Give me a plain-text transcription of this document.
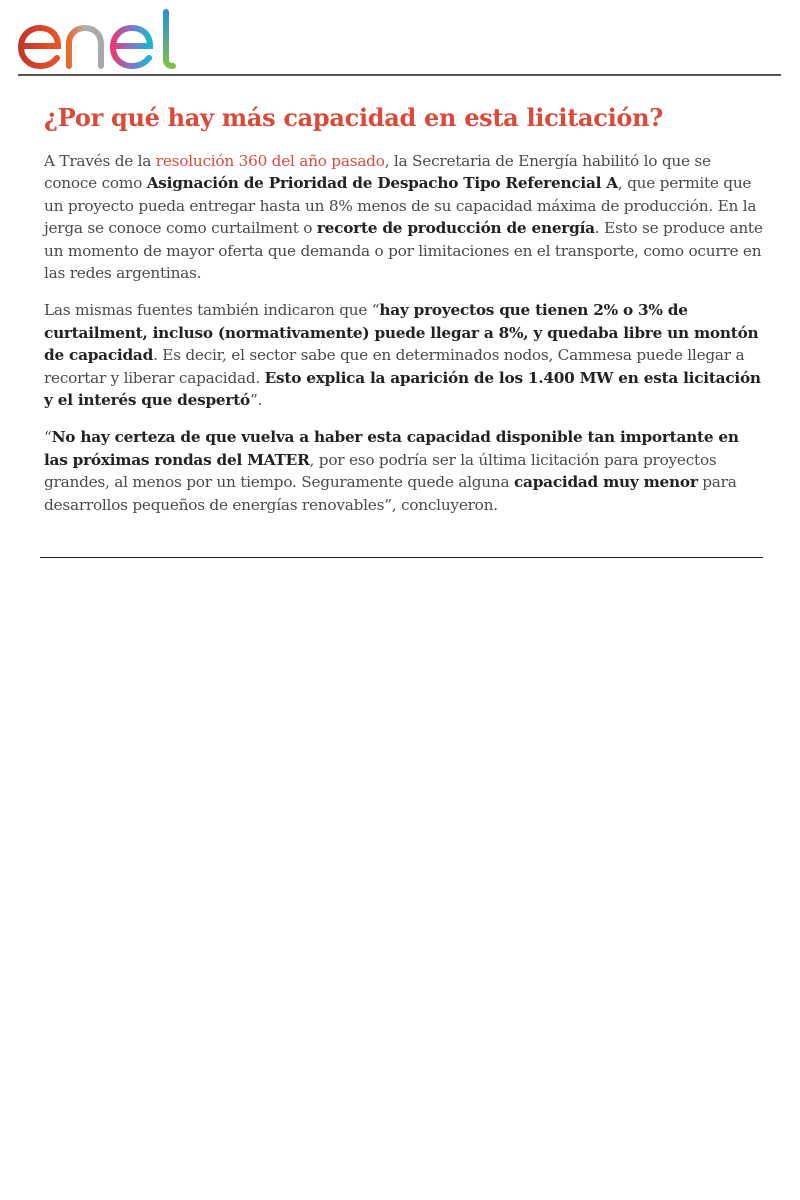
¿Por qué hay más capacidad en esta licitación?

A Través de la resolución 360 del año pasado, la Secretaria de Energía habilitó lo que se conoce como Asignación de Prioridad de Despacho Tipo Referencial A, que permite que un proyecto pueda entregar hasta un 8% menos de su capacidad máxima de producción. En la jerga se conoce como curtailment o recorte de producción de energía. Esto se produce ante un momento de mayor oferta que demanda o por limitaciones en el transporte, como ocurre en las redes argentinas.

Las mismas fuentes también indicaron que “hay proyectos que tienen 2% o 3% de curtailment, incluso (normativamente) puede llegar a 8%, y quedaba libre un montón de capacidad. Es decir, el sector sabe que en determinados nodos, Cammesa puede llegar a recortar y liberar capacidad. Esto explica la aparición de los 1.400 MW en esta licitación y el interés que despertó”.

“No hay certeza de que vuelva a haber esta capacidad disponible tan importante en las próximas rondas del MATER, por eso podría ser la última licitación para proyectos grandes, al menos por un tiempo. Seguramente quede alguna capacidad muy menor para desarrollos pequeños de energías renovables”, concluyeron.
